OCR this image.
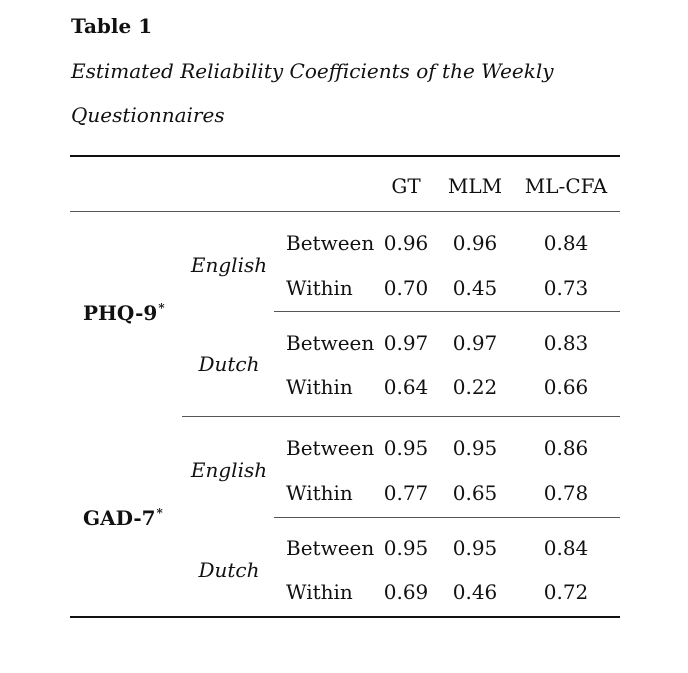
Table 1
Estimated Reliability Coefficients of the Weekly
Questionnaires
GT MLM ML-CFA
PHQ-9*
GAD-7*
English
Dutch
English
Dutch
Between 0.96 0.96 0.84
Within 0.70 0.45 0.73
Between 0.97 0.97 0.83
Within 0.64 0.22 0.66
Between 0.95 0.95 0.86
Within 0.77 0.65 0.78
Between 0.95 0.95 0.84
Within 0.69 0.46 0.72
